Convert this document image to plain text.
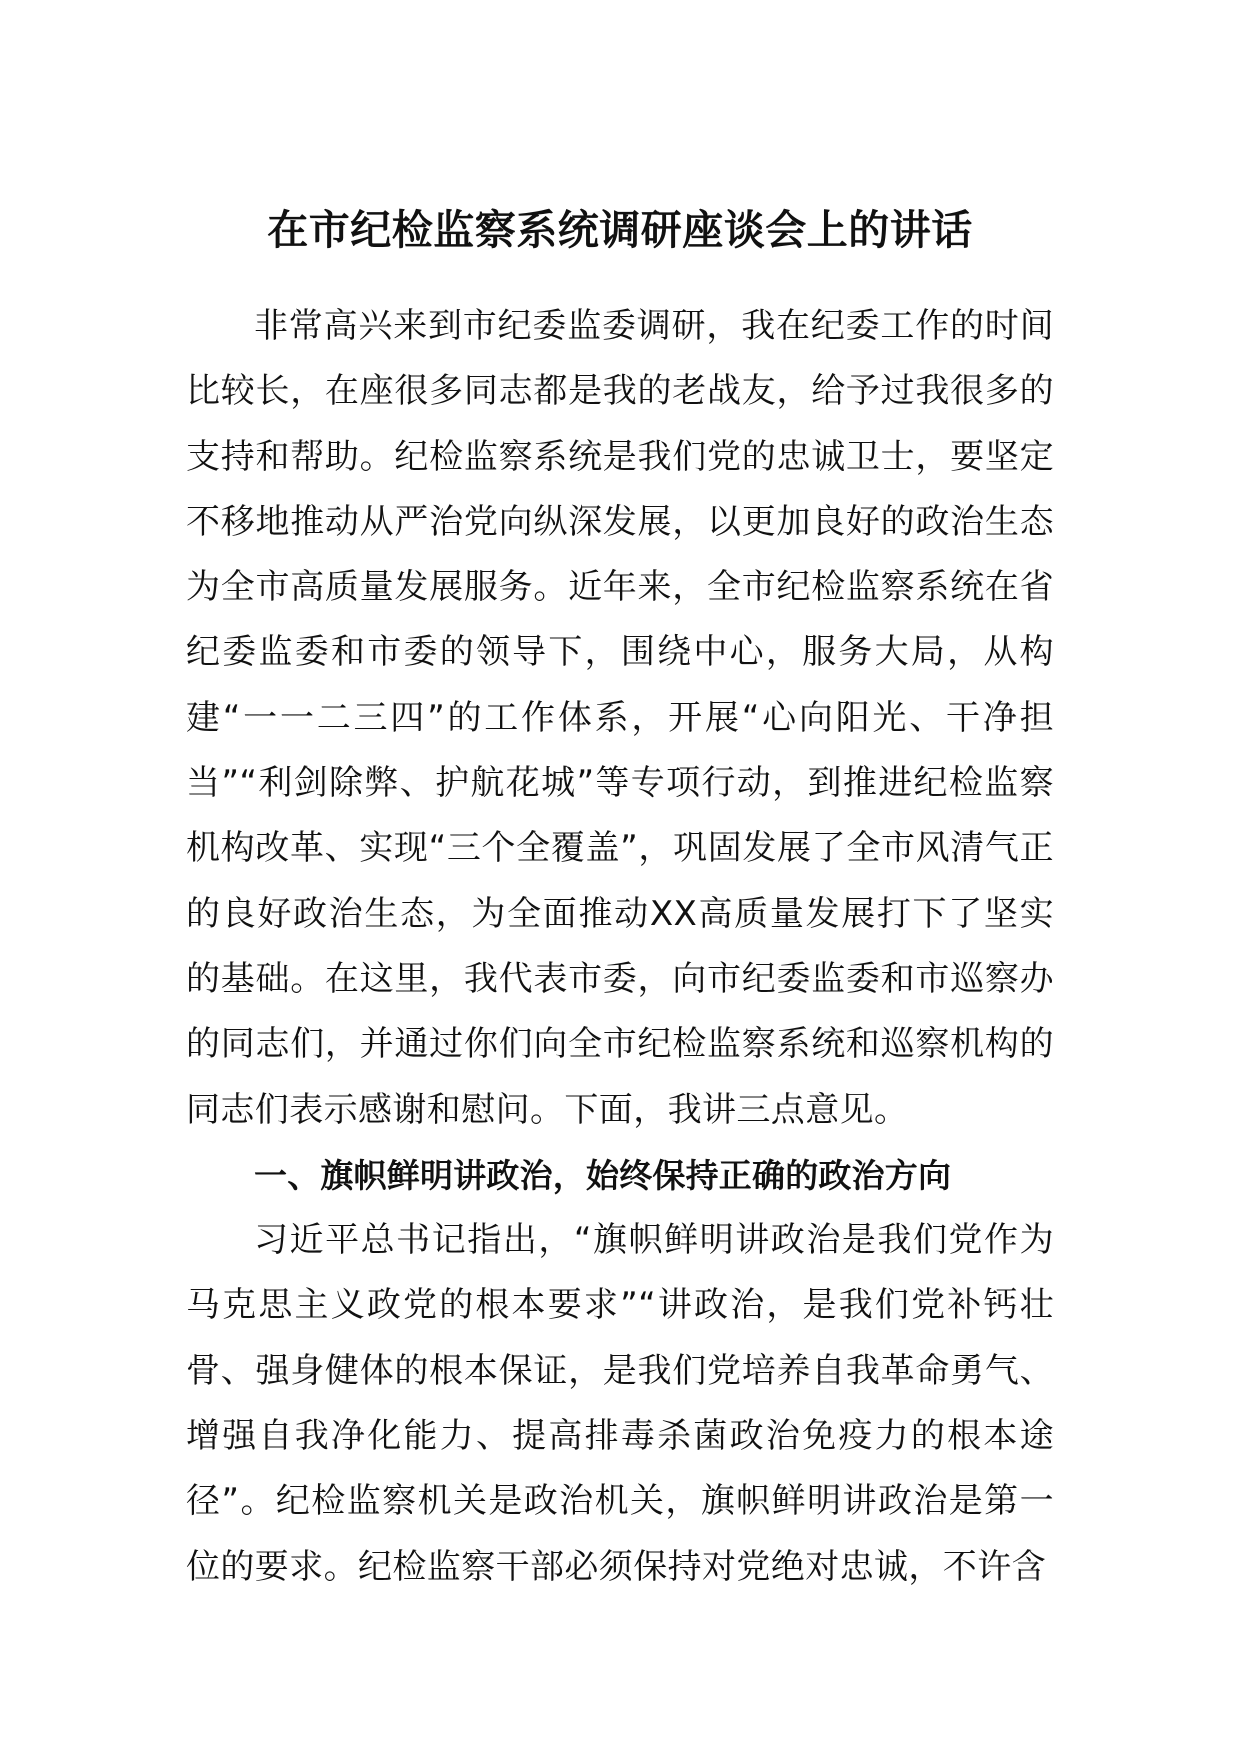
在市纪检监察系统调研座谈会上的讲话

非常高兴来到市纪委监委调研，我在纪委工作的时间比较长，在座很多同志都是我的老战友，给予过我很多的支持和帮助。纪检监察系统是我们党的忠诚卫士，要坚定不移地推动从严治党向纵深发展，以更加良好的政治生态为全市高质量发展服务。近年来，全市纪检监察系统在省纪委监委和市委的领导下，围绕中心，服务大局，从构建“一一二三四”的工作体系，开展“心向阳光、干净担当”“利剑除弊、护航花城”等专项行动，到推进纪检监察机构改革、实现“三个全覆盖”，巩固发展了全市风清气正的良好政治生态，为全面推动XX高质量发展打下了坚实的基础。在这里，我代表市委，向市纪委监委和市巡察办的同志们，并通过你们向全市纪检监察系统和巡察机构的同志们表示感谢和慰问。下面，我讲三点意见。

一、旗帜鲜明讲政治，始终保持正确的政治方向

习近平总书记指出，“旗帜鲜明讲政治是我们党作为马克思主义政党的根本要求”“讲政治，是我们党补钙壮骨、强身健体的根本保证，是我们党培养自我革命勇气、增强自我净化能力、提高排毒杀菌政治免疫力的根本途径”。纪检监察机关是政治机关，旗帜鲜明讲政治是第一位的要求。纪检监察干部必须保持对党绝对忠诚，不许含
